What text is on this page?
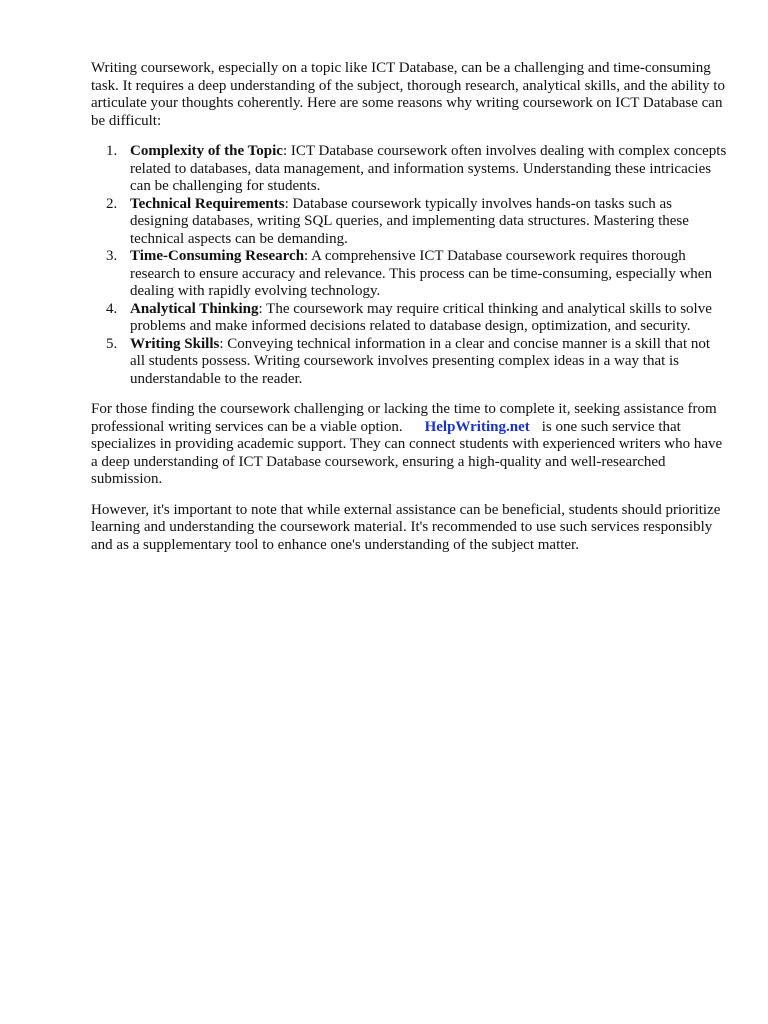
Writing coursework, especially on a topic like ICT Database, can be a challenging and time-consuming task. It requires a deep understanding of the subject, thorough research, analytical skills, and the ability to articulate your thoughts coherently. Here are some reasons why writing coursework on ICT Database can be difficult:

1. Complexity of the Topic: ICT Database coursework often involves dealing with complex concepts related to databases, data management, and information systems. Understanding these intricacies can be challenging for students.
2. Technical Requirements: Database coursework typically involves hands-on tasks such as designing databases, writing SQL queries, and implementing data structures. Mastering these technical aspects can be demanding.
3. Time-Consuming Research: A comprehensive ICT Database coursework requires thorough research to ensure accuracy and relevance. This process can be time-consuming, especially when dealing with rapidly evolving technology.
4. Analytical Thinking: The coursework may require critical thinking and analytical skills to solve problems and make informed decisions related to database design, optimization, and security.
5. Writing Skills: Conveying technical information in a clear and concise manner is a skill that not all students possess. Writing coursework involves presenting complex ideas in a way that is understandable to the reader.

For those finding the coursework challenging or lacking the time to complete it, seeking assistance from professional writing services can be a viable option. HelpWriting.net is one such service that specializes in providing academic support. They can connect students with experienced writers who have a deep understanding of ICT Database coursework, ensuring a high-quality and well-researched submission.

However, it's important to note that while external assistance can be beneficial, students should prioritize learning and understanding the coursework material. It's recommended to use such services responsibly and as a supplementary tool to enhance one's understanding of the subject matter.
